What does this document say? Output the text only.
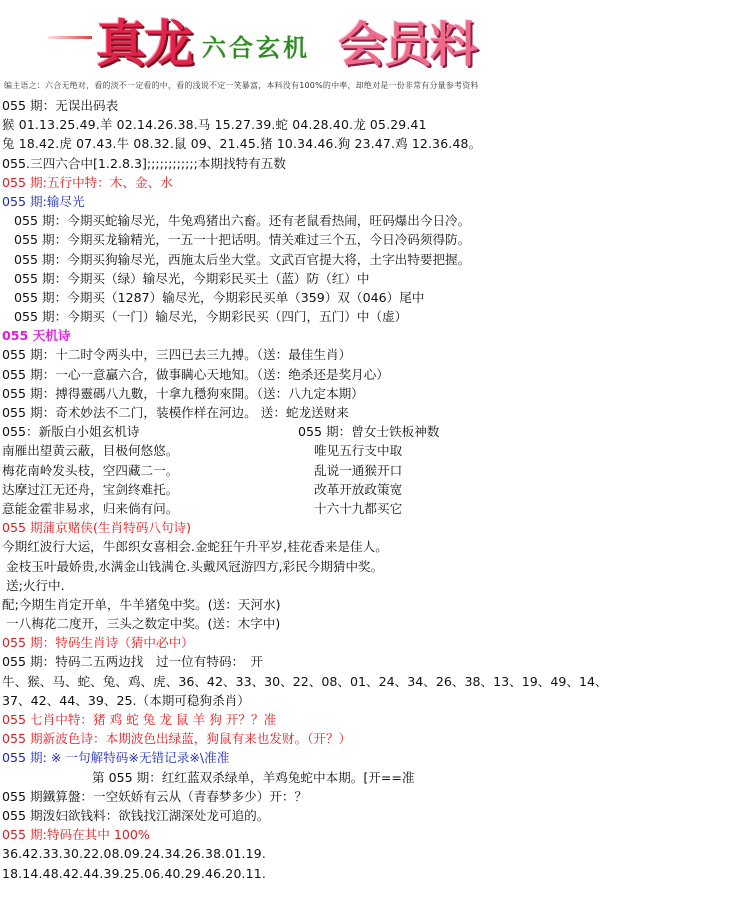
真龙 六合玄机 会员料
编主语之：六合无绝对，看的淡不一定看的中，看的浅说不定一笑暴富，本料没有100%的中率，却绝对是一份非常有分量参考资料
055 期：无误出码表
猴 01.13.25.49.羊 02.14.26.38.马 15.27.39.蛇 04.28.40.龙 05.29.41
兔 18.42.虎 07.43.牛 08.32.鼠 09、21.45.猪 10.34.46.狗 23.47.鸡 12.36.48。
055.三四六合中[1.2.8.3];;;;;;;;;;;;本期找特有五数
055 期:五行中特：木、金、水
055 期:输尽光
055 期：今期买蛇输尽光，牛兔鸡猪出六畜。还有老鼠看热闹，旺码爆出今日冷。
055 期：今期买龙输精光，一五一十把话明。情关难过三个五，今日冷码须得防。
055 期：今期买狗输尽光，西施太后坐大堂。文武百官提大将，土字出特要把握。
055 期：今期买（绿）输尽光，今期彩民买土（蓝）防（红）中
055 期：今期买（1287）输尽光，今期彩民买单（359）双（046）尾中
055 期：今期买（一门）输尽光，今期彩民买（四门，五门）中（虚）
055 天机诗
055 期：十二时令两头中，三四已去三九搏。（送：最佳生肖）
055 期：一心一意贏六合，做事瞒心天地知。（送：绝杀还是奖月心）
055 期：搏得靈碼八九數，十拿九穩狗來開。（送：八九定本期）
055 期：奇术妙法不二门，装模作样在河边。 送：蛇龙送财来
055：新版白小姐玄机诗	055 期：曾女士铁板神数
南雁出望黄云蔽，目极何悠悠。	唯见五行支中取
梅花南岭发头枝，空四藏二一。	乱说一通猴开口
达摩过江无还舟，宝剑终难托。	改革开放政策宽
意能金霍非易求，归来倘有问。	十六十九都买它
055 期蒲京赌侠(生肖特码八句诗)
今期红波行大运，牛郎织女喜相会.金蛇狂午升平岁,桂花香来是佳人。
金枝玉叶最娇贵,水满金山钱满仓.头戴风冠游四方,彩民今期猜中奖。
送;火行中.
配;今期生肖定开单，牛羊猪兔中奖。(送：天河水)
一八梅花二度开，三头之数定中奖。(送：木字中)
055 期：特码生肖诗（猜中必中）
055 期：特码二五两边找　过一位有特码：　开
牛、猴、马、蛇、兔、鸡、虎、36、42、33、30、22、08、01、24、34、26、38、13、19、49、14、
37、42、44、39、25.（本期可稳狗杀肖）
055 七肖中特：猪 鸡 蛇 兔 龙 鼠 羊 狗 开？？准
055 期新波色诗：本期波色出绿蓝，狗鼠有来也发财。（开？）
055 期: ※ 一句解特码※无错记录※\准准
第 055 期：红红蓝双杀绿单，羊鸡兔蛇中本期。[开==准
055 期鐵算盤：一空妖娇有云从（青春梦多少）开：？
055 期泼妇欲钱料：欲钱找江湖深处龙可追的。
055 期:特码在其中 100%
36.42.33.30.22.08.09.24.34.26.38.01.19.
18.14.48.42.44.39.25.06.40.29.46.20.11.
